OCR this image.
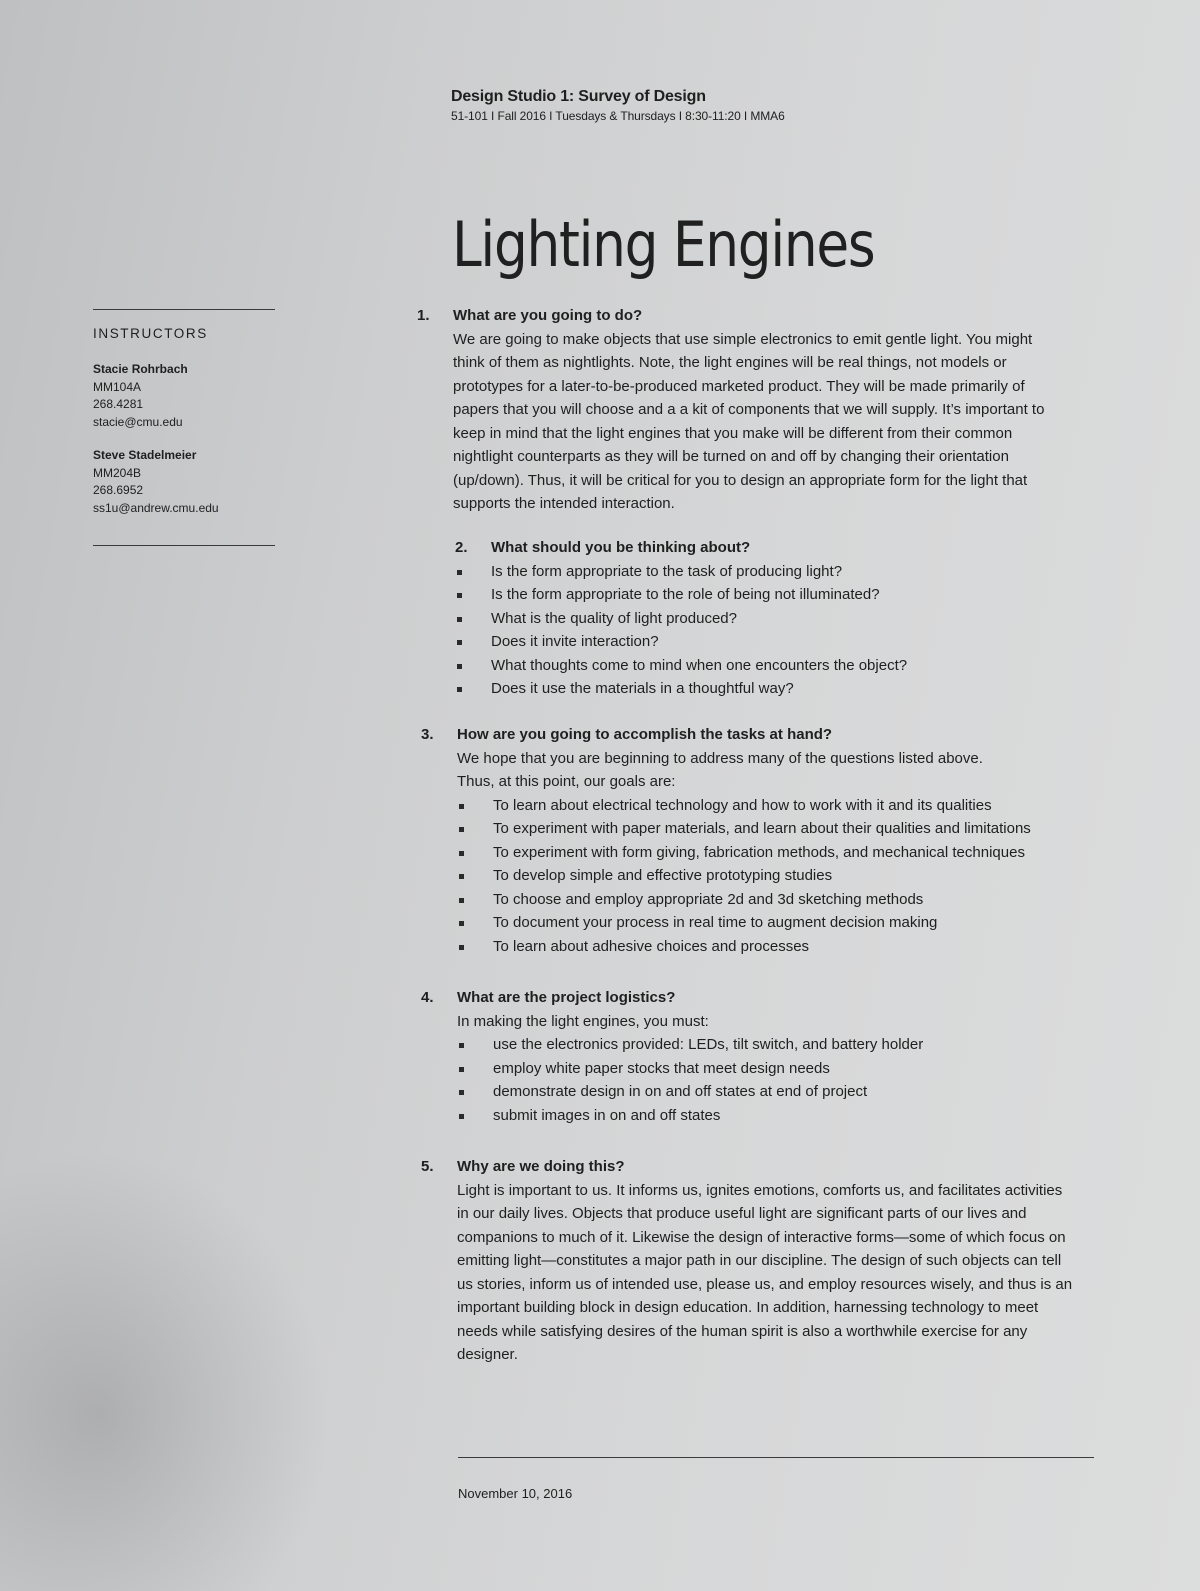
Design Studio 1: Survey of Design
51-101 I Fall 2016 I Tuesdays & Thursdays I 8:30-11:20 I MMA6
Lighting Engines
INSTRUCTORS
Stacie Rohrbach
MM104A
268.4281
stacie@cmu.edu
Steve Stadelmeier
MM204B
268.6952
ss1u@andrew.cmu.edu
1.	What are you going to do?

We are going to make objects that use simple electronics to emit gentle light. You might think of them as nightlights. Note, the light engines will be real things, not models or prototypes for a later-to-be-produced marketed product. They will be made primarily of papers that you will choose and a a kit of components that we will supply. It’s important to keep in mind that the light engines that you make will be different from their common nightlight counterparts as they will be turned on and off by changing their orientation (up/down). Thus, it will be critical for you to design an appropriate form for the light that supports the intended interaction.

2.	What should you be thinking about?
Is the form appropriate to the task of producing light?
Is the form appropriate to the role of being not illuminated?
What is the quality of light produced?
Does it invite interaction?
What thoughts come to mind when one encounters the object?
Does it use the materials in a thoughtful way?
3.	How are you going to accomplish the tasks at hand?
We hope that you are beginning to address many of the questions listed above.
Thus, at this point, our goals are:
To learn about electrical technology and how to work with it and its qualities
To experiment with paper materials, and learn about their qualities and limitations
To experiment with form giving, fabrication methods, and mechanical techniques
To develop simple and effective prototyping studies
To choose and employ appropriate 2d and 3d sketching methods
To document your process in real time to augment decision making
To learn about adhesive choices and processes
4.	What are the project logistics?
In making the light engines, you must:
use the electronics provided: LEDs, tilt switch, and battery holder
employ white paper stocks that meet design needs
demonstrate design in on and off states at end of project
submit images in on and off states
5.	Why are we doing this?

Light is important to us. It informs us, ignites emotions, comforts us, and facilitates activities in our daily lives. Objects that produce useful light are significant parts of our lives and companions to much of it. Likewise the design of interactive forms—some of which focus on emitting light—constitutes a major path in our discipline. The design of such objects can tell us stories, inform us of intended use, please us, and employ resources wisely, and thus is an important building block in design education. In addition, harnessing technology to meet needs while satisfying desires of the human spirit is also a worthwhile exercise for any designer.

November 10, 2016
